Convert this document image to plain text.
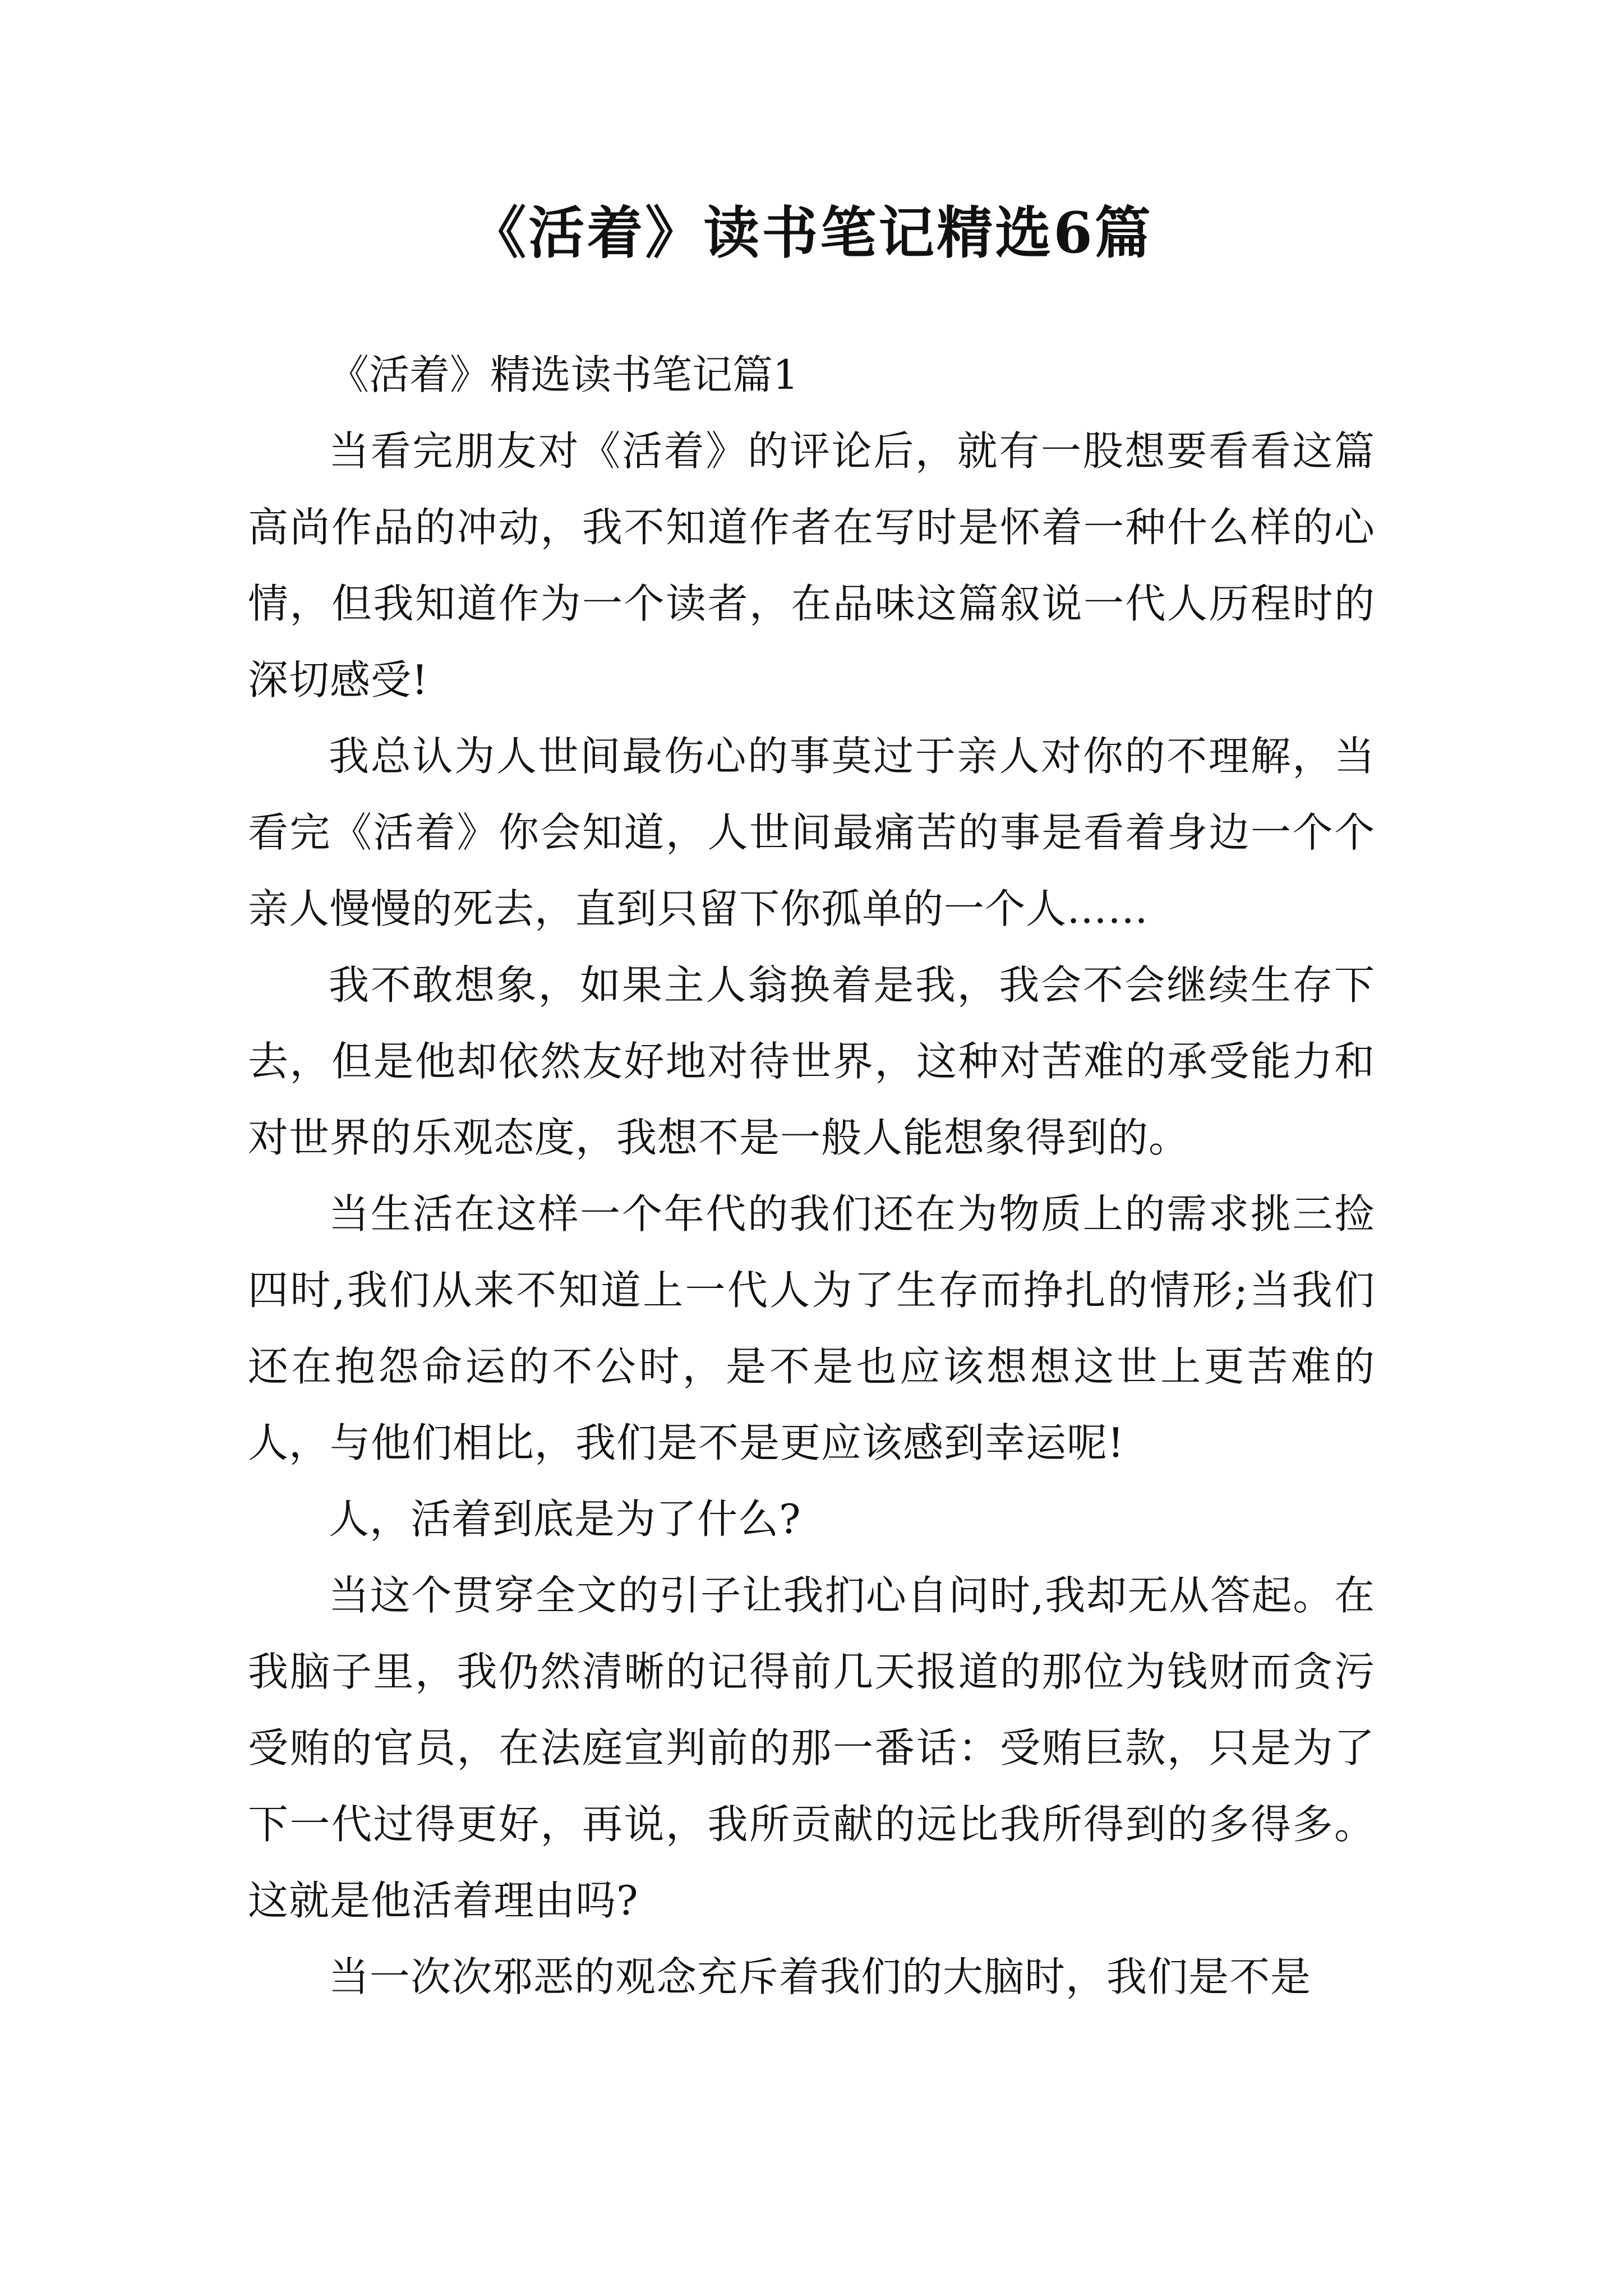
《活着》读书笔记精选6篇

《活着》精选读书笔记篇1

当看完朋友对《活着》的评论后，就有一股想要看看这篇高尚作品的冲动，我不知道作者在写时是怀着一种什么样的心情，但我知道作为一个读者，在品味这篇叙说一代人历程时的深切感受!

我总认为人世间最伤心的事莫过于亲人对你的不理解，当看完《活着》你会知道，人世间最痛苦的事是看着身边一个个亲人慢慢的死去，直到只留下你孤单的一个人……

我不敢想象，如果主人翁换着是我，我会不会继续生存下去，但是他却依然友好地对待世界，这种对苦难的承受能力和对世界的乐观态度，我想不是一般人能想象得到的。

当生活在这样一个年代的我们还在为物质上的需求挑三捡四时,我们从来不知道上一代人为了生存而挣扎的情形;当我们还在抱怨命运的不公时，是不是也应该想想这世上更苦难的人，与他们相比，我们是不是更应该感到幸运呢!

人，活着到底是为了什么?

当这个贯穿全文的引子让我扪心自问时,我却无从答起。在我脑子里，我仍然清晰的记得前几天报道的那位为钱财而贪污受贿的官员，在法庭宣判前的那一番话：受贿巨款，只是为了下一代过得更好，再说，我所贡献的远比我所得到的多得多。这就是他活着理由吗?

当一次次邪恶的观念充斥着我们的大脑时，我们是不是
